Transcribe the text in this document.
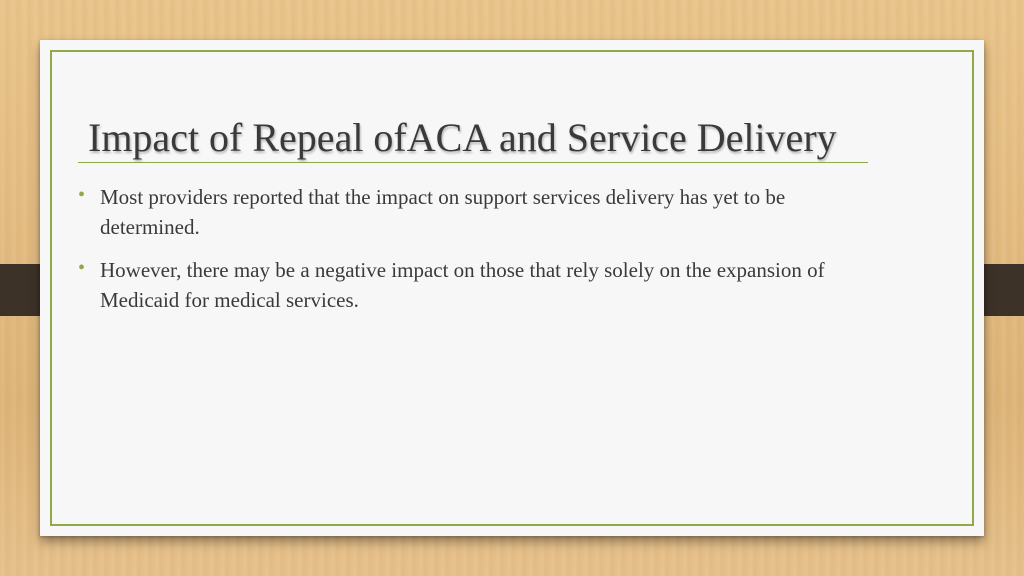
Impact of Repeal ofACA and Service Delivery
• Most providers reported that the impact on support services delivery has yet to be determined.
• However, there may be a negative impact on those that rely solely on the expansion of Medicaid for medical services.
